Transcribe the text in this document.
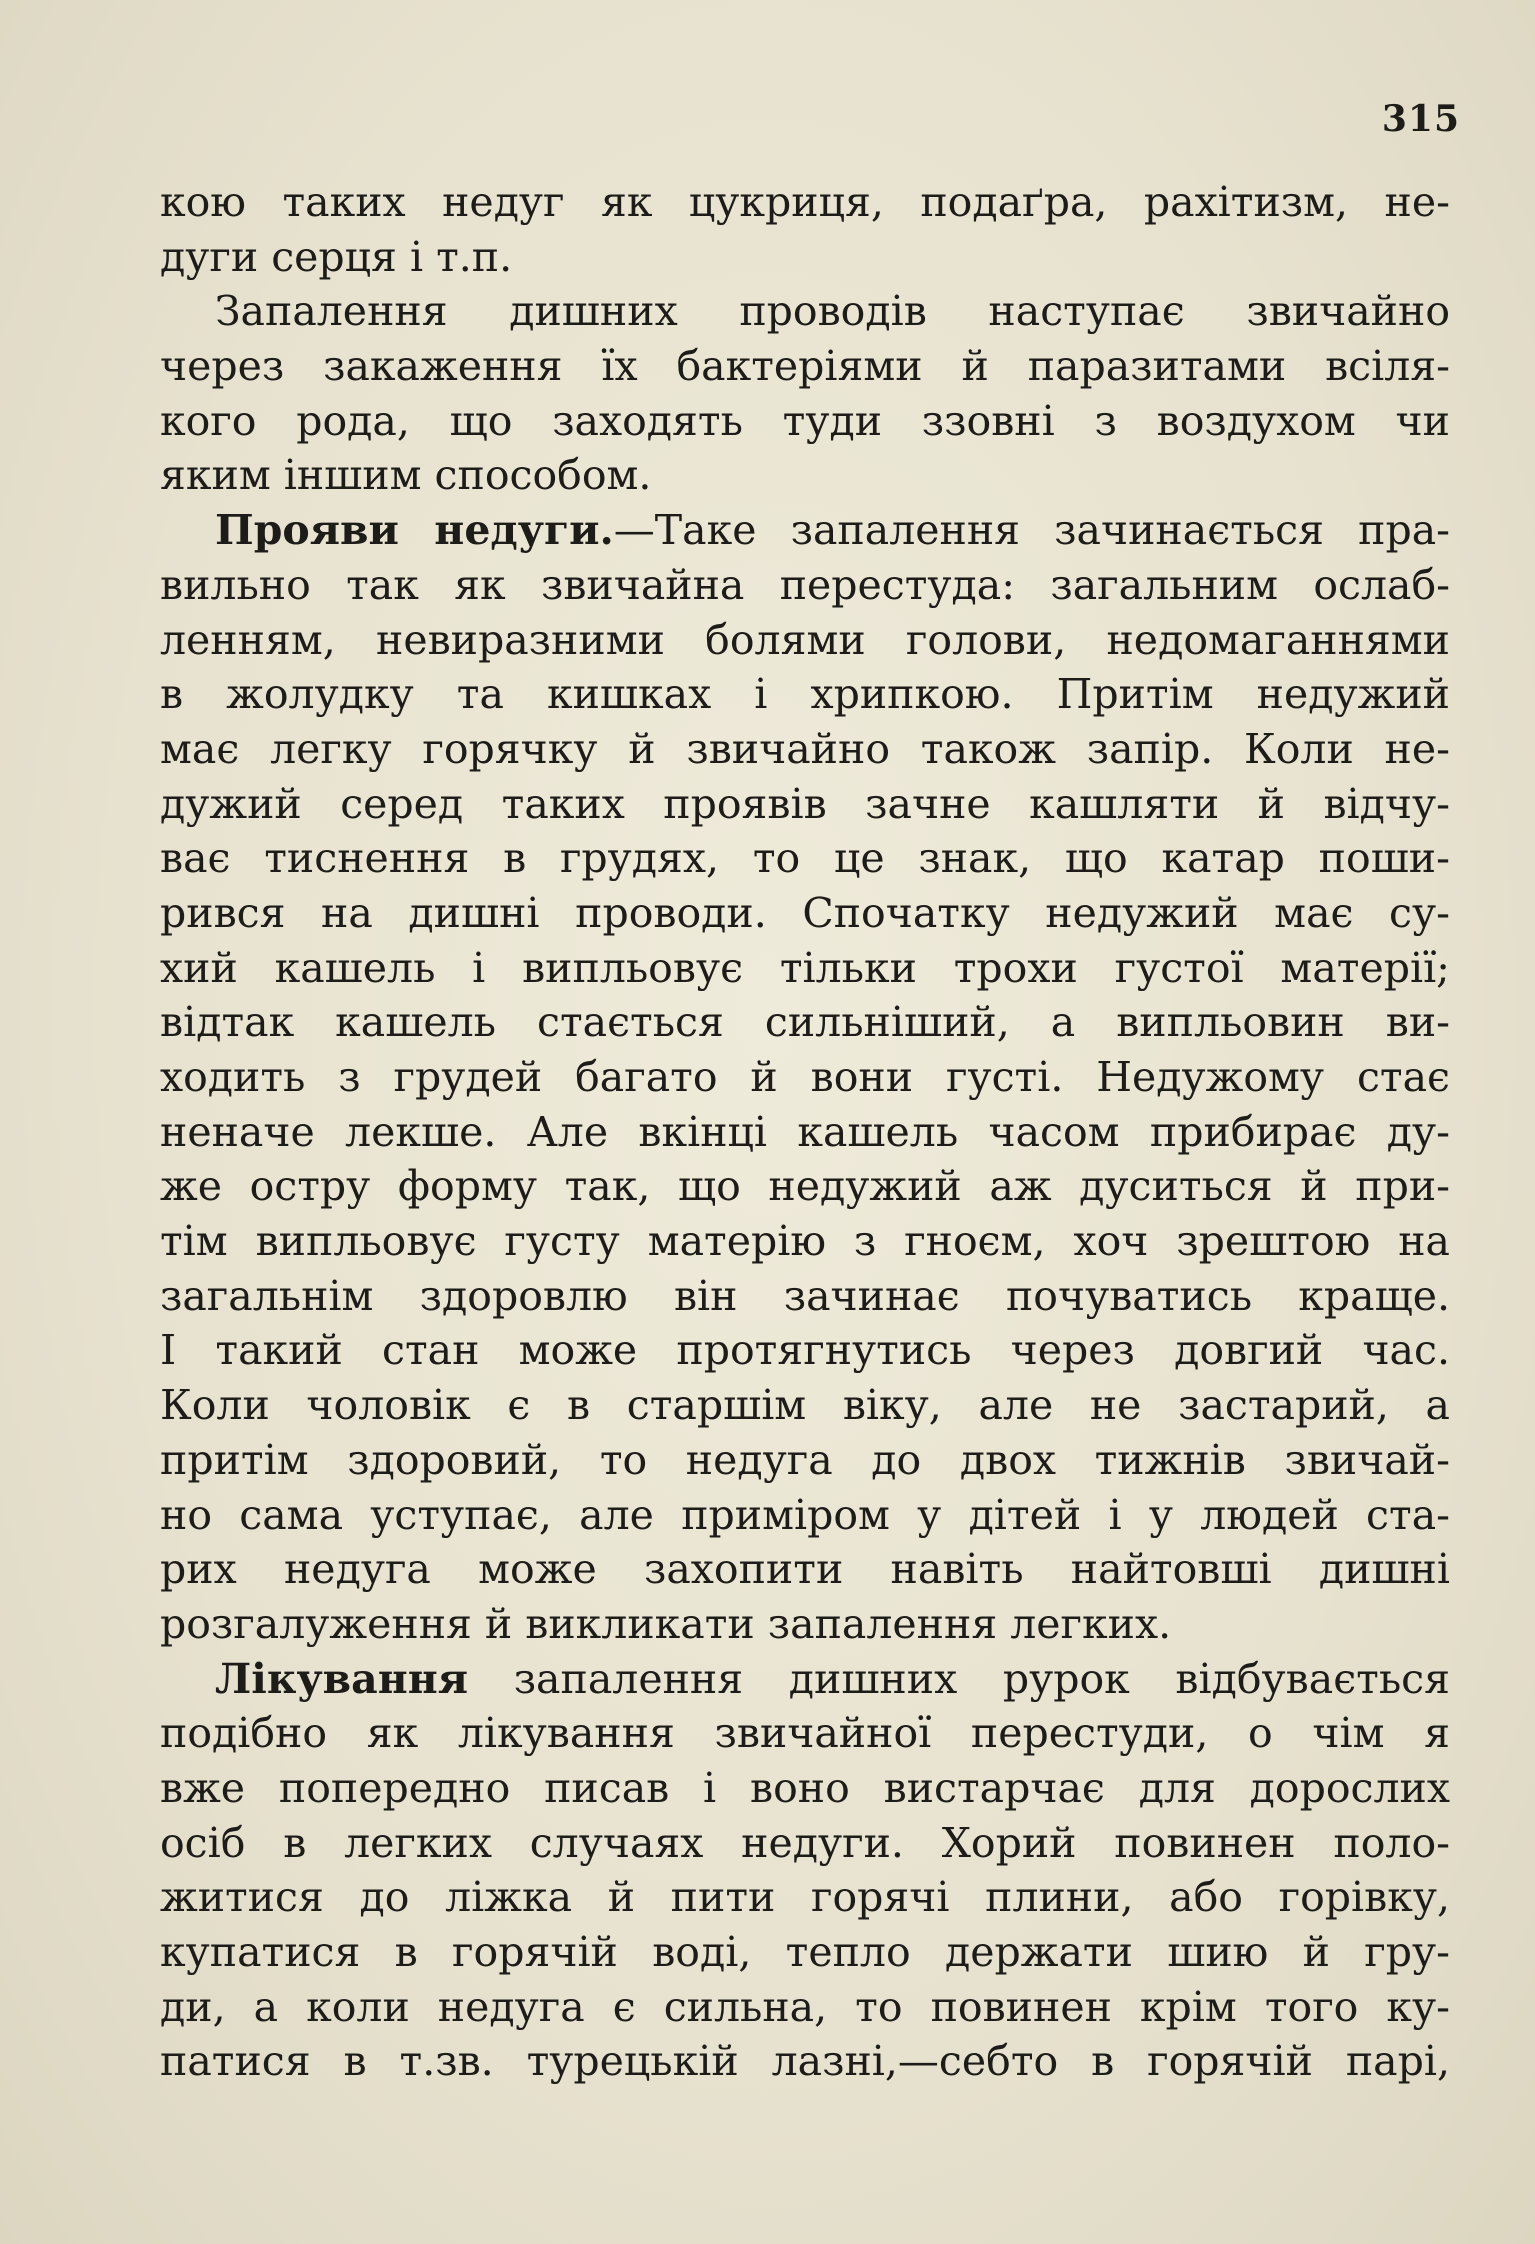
315
кою таких недуг як цукриця, подаґра, рахітизм, не-
дуги серця і т.п.
Запалення дишних проводів наступає звичайно
через закаження їх бактеріями й паразитами всіля-
кого рода, що заходять туди ззовні з воздухом чи
яким іншим способом.
Прояви недуги.—Таке запалення зачинається пра-
вильно так як звичайна перестуда: загальним ослаб-
ленням, невиразними болями голови, недомаганнями
в жолудку та кишках і хрипкою. Притім недужий
має легку горячку й звичайно також запір. Коли не-
дужий серед таких проявів зачне кашляти й відчу-
ває тиснення в грудях, то це знак, що катар поши-
рився на дишні проводи. Спочатку недужий має су-
хий кашель і випльовує тільки трохи густої матерії;
відтак кашель стається сильніший, а випльовин ви-
ходить з грудей багато й вони густі. Недужому стає
неначе лекше. Але вкінці кашель часом прибирає ду-
же остру форму так, що недужий аж дуситься й при-
тім випльовує густу матерію з гноєм, хоч зрештою на
загальнім здоровлю він зачинає почуватись краще.
І такий стан може протягнутись через довгий час.
Коли чоловік є в старшім віку, але не застарий, а
притім здоровий, то недуга до двох тижнів звичай-
но сама уступає, але приміром у дітей і у людей ста-
рих недуга може захопити навіть найтовші дишні
розгалуження й викликати запалення легких.
Лікування запалення дишних рурок відбувається
подібно як лікування звичайної перестуди, о чім я
вже попередно писав і воно вистарчає для дорослих
осіб в легких случаях недуги. Хорий повинен поло-
житися до ліжка й пити горячі плини, або горівку,
купатися в горячій воді, тепло держати шию й гру-
ди, а коли недуга є сильна, то повинен крім того ку-
патися в т.зв. турецькій лазні,—себто в горячій парі,
